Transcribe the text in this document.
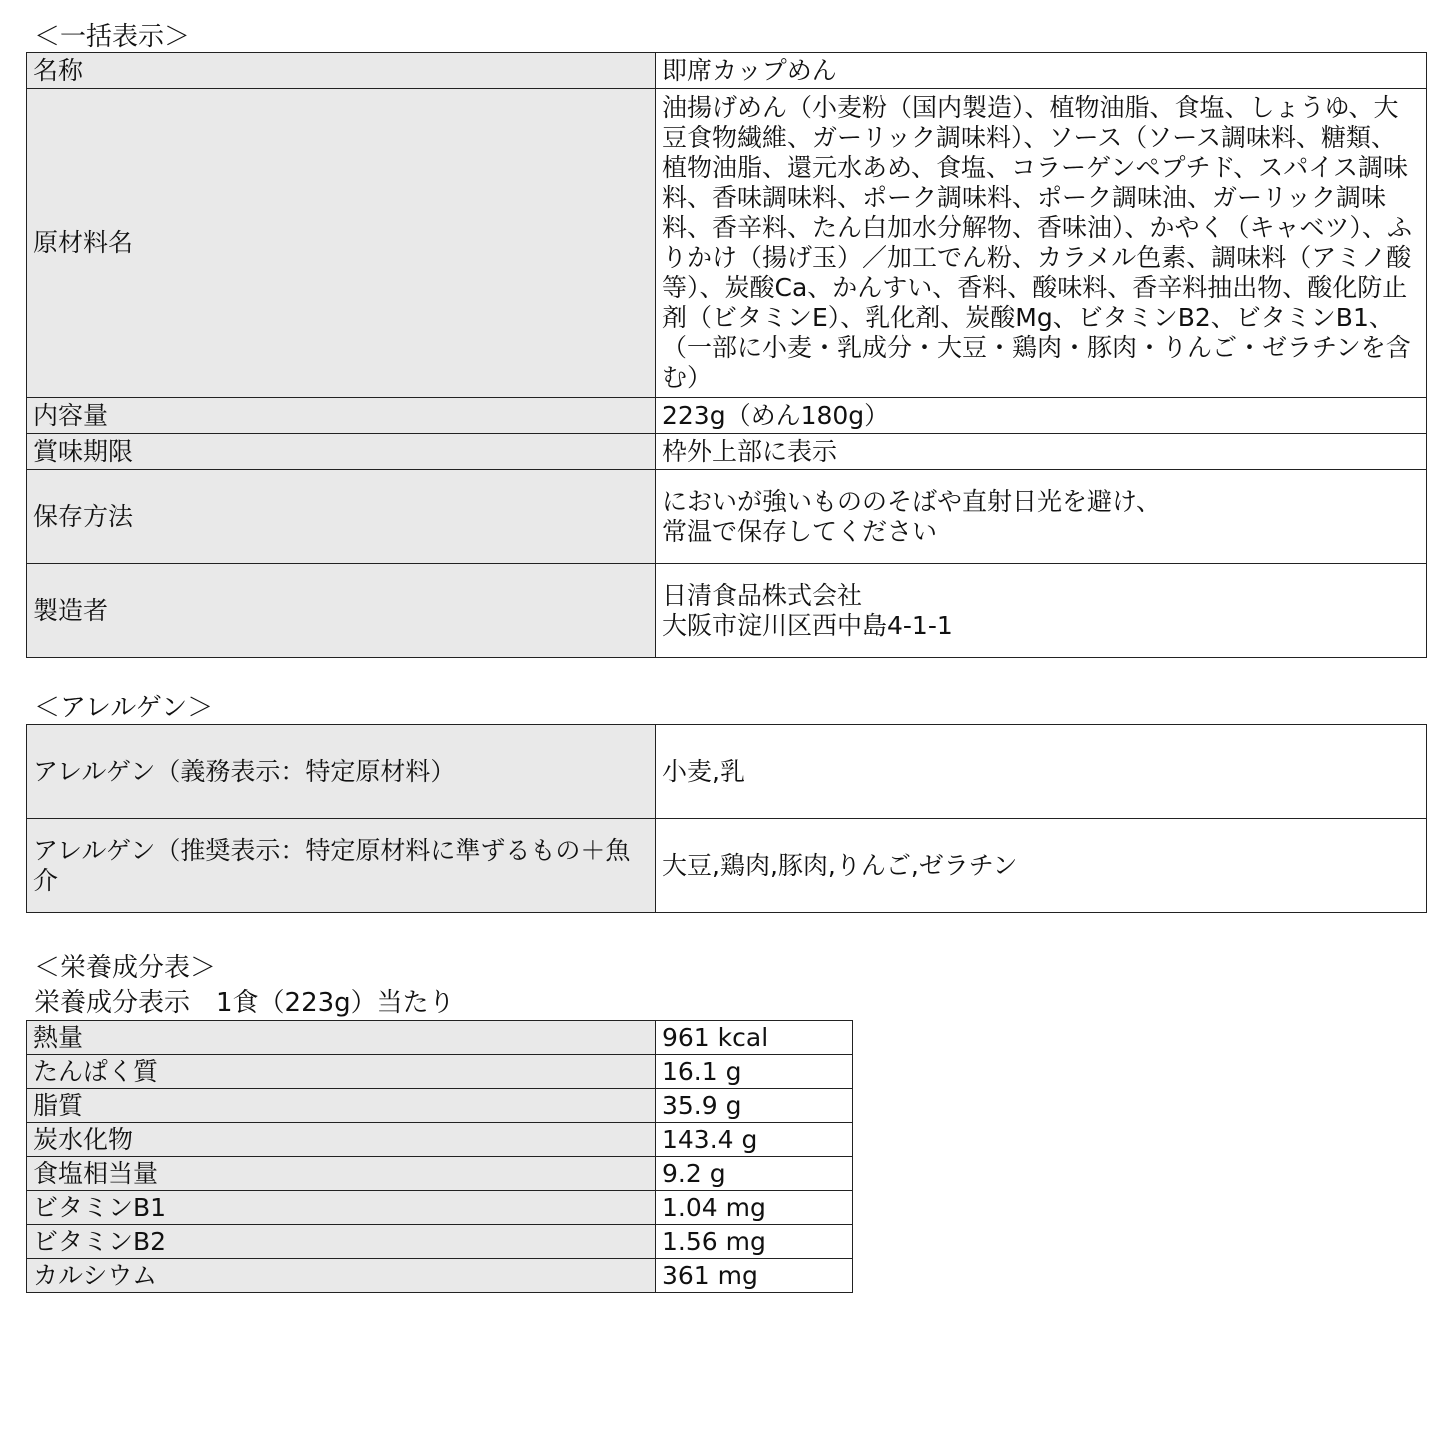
＜一括表示＞
名称	即席カップめん
原材料名	油揚げめん（小麦粉（国内製造）、植物油脂、食塩、しょうゆ、大豆食物繊維、ガーリック調味料）、ソース（ソース調味料、糖類、植物油脂、還元水あめ、食塩、コラーゲンペプチド、スパイス調味料、香味調味料、ポーク調味料、ポーク調味油、ガーリック調味料、香辛料、たん白加水分解物、香味油）、かやく（キャベツ）、ふりかけ（揚げ玉）／加工でん粉、カラメル色素、調味料（アミノ酸等）、炭酸Ca、かんすい、香料、酸味料、香辛料抽出物、酸化防止剤（ビタミンE）、乳化剤、炭酸Mg、ビタミンB2、ビタミンB1、（一部に小麦・乳成分・大豆・鶏肉・豚肉・りんご・ゼラチンを含む）
内容量	223g（めん180g）
賞味期限	枠外上部に表示
保存方法	においが強いもののそばや直射日光を避け、
常温で保存してください
製造者	日清食品株式会社
大阪市淀川区西中島4-1-1
＜アレルゲン＞
アレルゲン（義務表示：特定原材料）	小麦,乳
アレルゲン（推奨表示：特定原材料に準ずるもの＋魚介	大豆,鶏肉,豚肉,りんご,ゼラチン
＜栄養成分表＞
栄養成分表示　1食（223g）当たり
熱量	961 kcal
たんぱく質	16.1 g
脂質	35.9 g
炭水化物	143.4 g
食塩相当量	9.2 g
ビタミンB1	1.04 mg
ビタミンB2	1.56 mg
カルシウム	361 mg
